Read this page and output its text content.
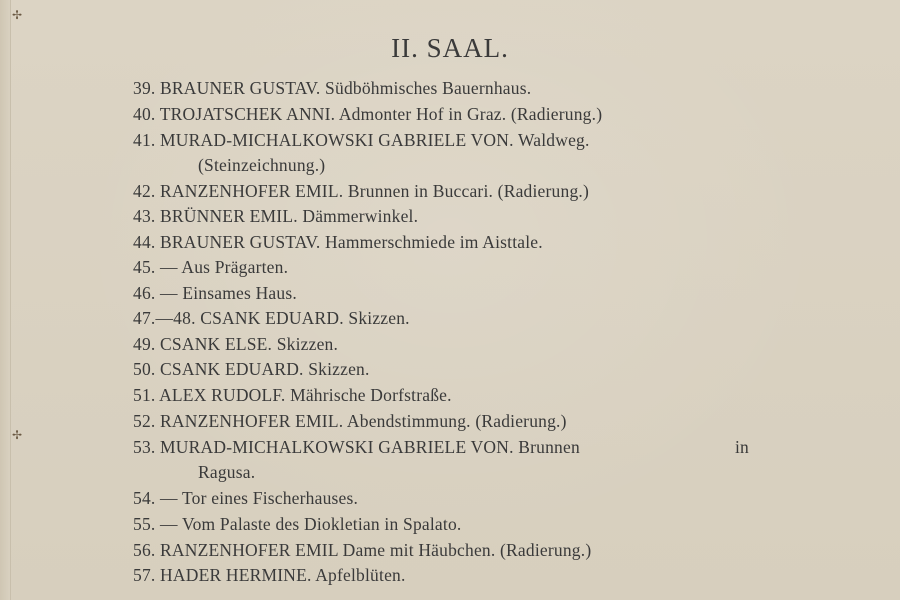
✢
✢
II. SAAL.
39. BRAUNER GUSTAV. Südböhmisches Bauernhaus.
40. TROJATSCHEK ANNI. Admonter Hof in Graz. (Radierung.)
41. MURAD-MICHALKOWSKI GABRIELE VON. Waldweg.
(Steinzeichnung.)
42. RANZENHOFER EMIL. Brunnen in Buccari. (Radierung.)
43. BRÜNNER EMIL. Dämmerwinkel.
44. BRAUNER GUSTAV. Hammerschmiede im Aisttale.
45. — Aus Prägarten.
46. — Einsames Haus.
47.—48. CSANK EDUARD. Skizzen.
49. CSANK ELSE. Skizzen.
50. CSANK EDUARD. Skizzen.
51. ALEX RUDOLF. Mährische Dorfstraße.
52. RANZENHOFER EMIL. Abendstimmung. (Radierung.)
53. MURAD-MICHALKOWSKI GABRIELE VON. Brunnen	in
Ragusa.
54. — Tor eines Fischerhauses.
55. — Vom Palaste des Diokletian in Spalato.
56. RANZENHOFER EMIL Dame mit Häubchen. (Radierung.)
57. HADER HERMINE. Apfelblüten.
